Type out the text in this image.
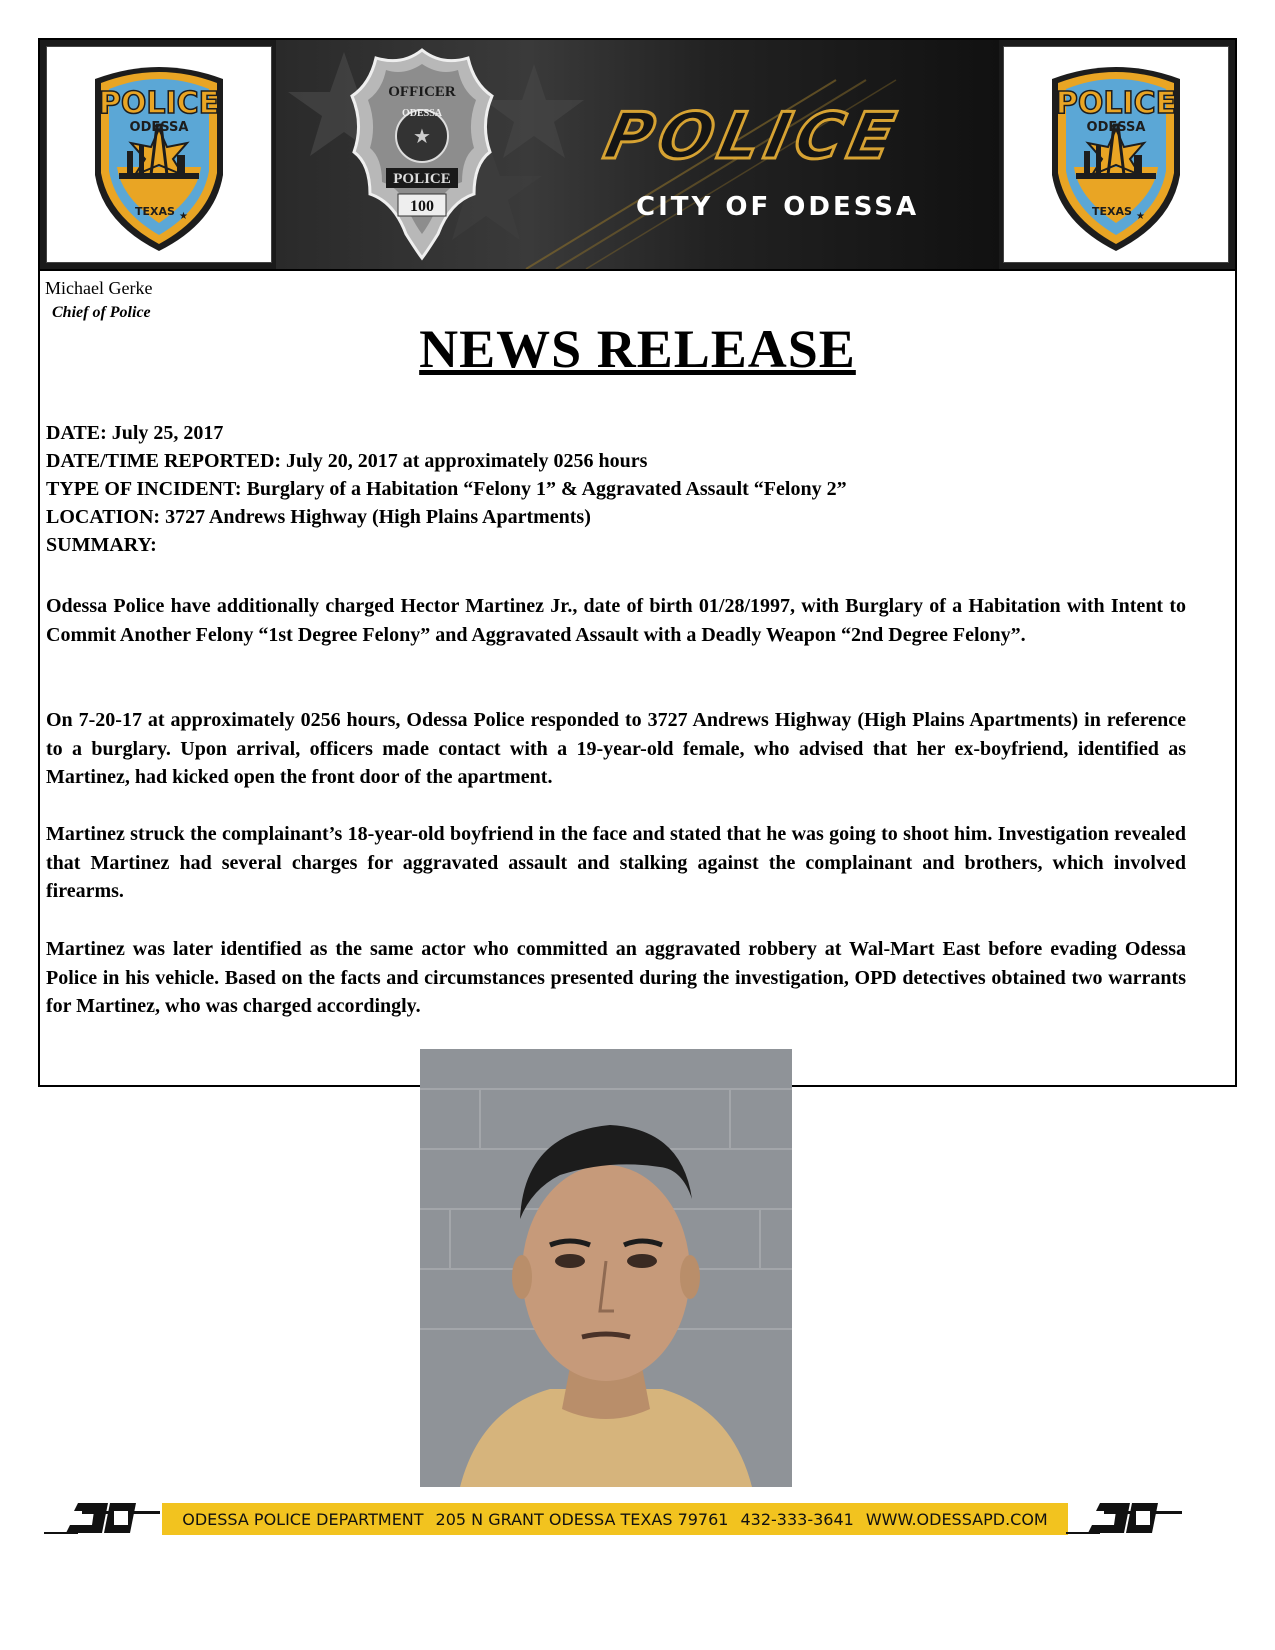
POLICE
ODESSA
TEXAS ★
★
OFFICER
ODESSA
POLICE
100
POLICE
CITY OF ODESSA
POLICE
ODESSA
TEXAS ★
Michael Gerke
Chief of Police
NEWS RELEASE
DATE: July 25, 2017
DATE/TIME REPORTED: July 20, 2017 at approximately 0256 hours
TYPE OF INCIDENT: Burglary of a Habitation “Felony 1” & Aggravated Assault “Felony 2”
LOCATION: 3727 Andrews Highway (High Plains Apartments)
SUMMARY:

Odessa Police have additionally charged Hector Martinez Jr., date of birth 01/28/1997, with Burglary of a Habitation with Intent to Commit Another Felony “1st Degree Felony” and Aggravated Assault with a Deadly Weapon “2nd Degree Felony”.

On 7-20-17 at approximately 0256 hours, Odessa Police responded to 3727 Andrews Highway (High Plains Apartments) in reference to a burglary. Upon arrival, officers made contact with a 19-year-old female, who advised that her ex-boyfriend, identified as Martinez, had kicked open the front door of the apartment.

Martinez struck the complainant’s 18-year-old boyfriend in the face and stated that he was going to shoot him. Investigation revealed that Martinez had several charges for aggravated assault and stalking against the complainant and brothers, which involved firearms.

Martinez was later identified as the same actor who committed an aggravated robbery at Wal-Mart East before evading Odessa Police in his vehicle. Based on the facts and circumstances presented during the investigation, OPD detectives obtained two warrants for Martinez, who was charged accordingly.

ODESSA POLICE DEPARTMENT 205 N GRANT ODESSA TEXAS 79761 432-333-3641 WWW.ODESSAPD.COM
